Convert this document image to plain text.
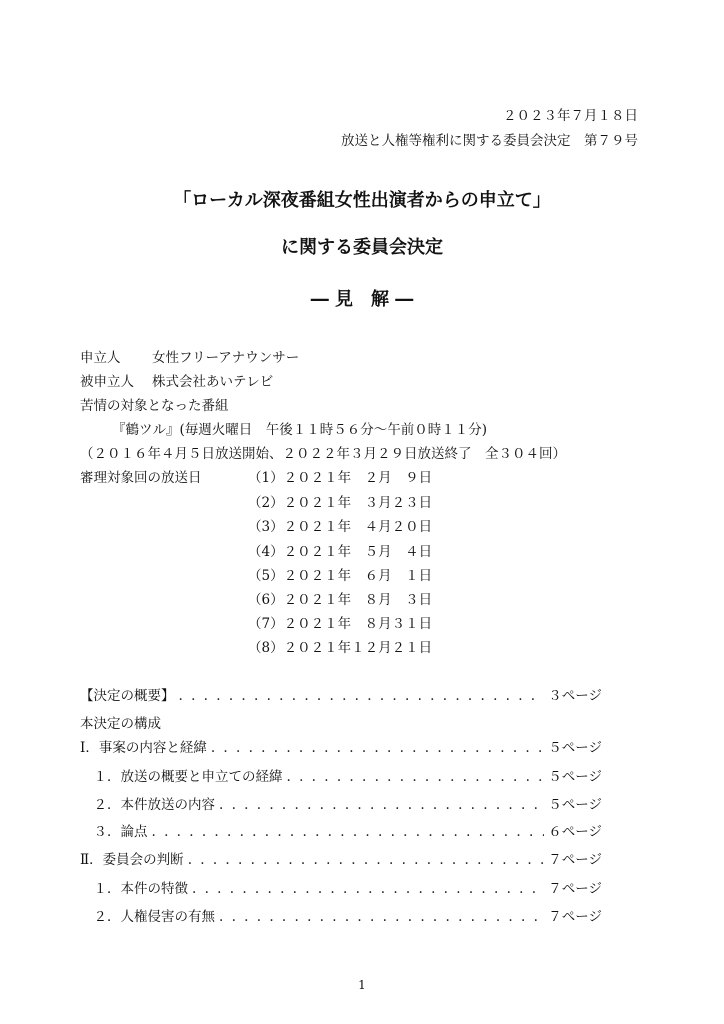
２０２３年７月１８日
放送と人権等権利に関する委員会決定　第７９号
「ローカル深夜番組女性出演者からの申立て」
に関する委員会決定
― 見　解 ―
申立人 女性フリーアナウンサー
被申立人 株式会社あいテレビ
苦情の対象となった番組
『鶴ツル』(毎週火曜日　午後１１時５６分～午前０時１１分)
（２０１６年４月５日放送開始、２０２２年３月２９日放送終了　全３０４回）
審理対象回の放送日	（1）２０２１年　２月　９日
（2）２０２１年　３月２３日
（3）２０２１年　４月２０日
（4）２０２１年　５月　４日
（5）２０２１年　６月　１日
（6）２０２１年　８月　３日
（7）２０２１年　８月３１日
（8）２０２１年１２月２１日
【決定の概要】 . . .	３ページ
本決定の構成
Ⅰ．事案の内容と経緯 . . .	５ページ
　１．放送の概要と申立ての経緯 . . .	５ページ
　２．本件放送の内容 . . .	５ページ
　３．論点 . . .	６ページ
Ⅱ．委員会の判断 . . .	７ページ
　１．本件の特徴 . . .	７ページ
　２．人権侵害の有無 . . .	７ページ
1
